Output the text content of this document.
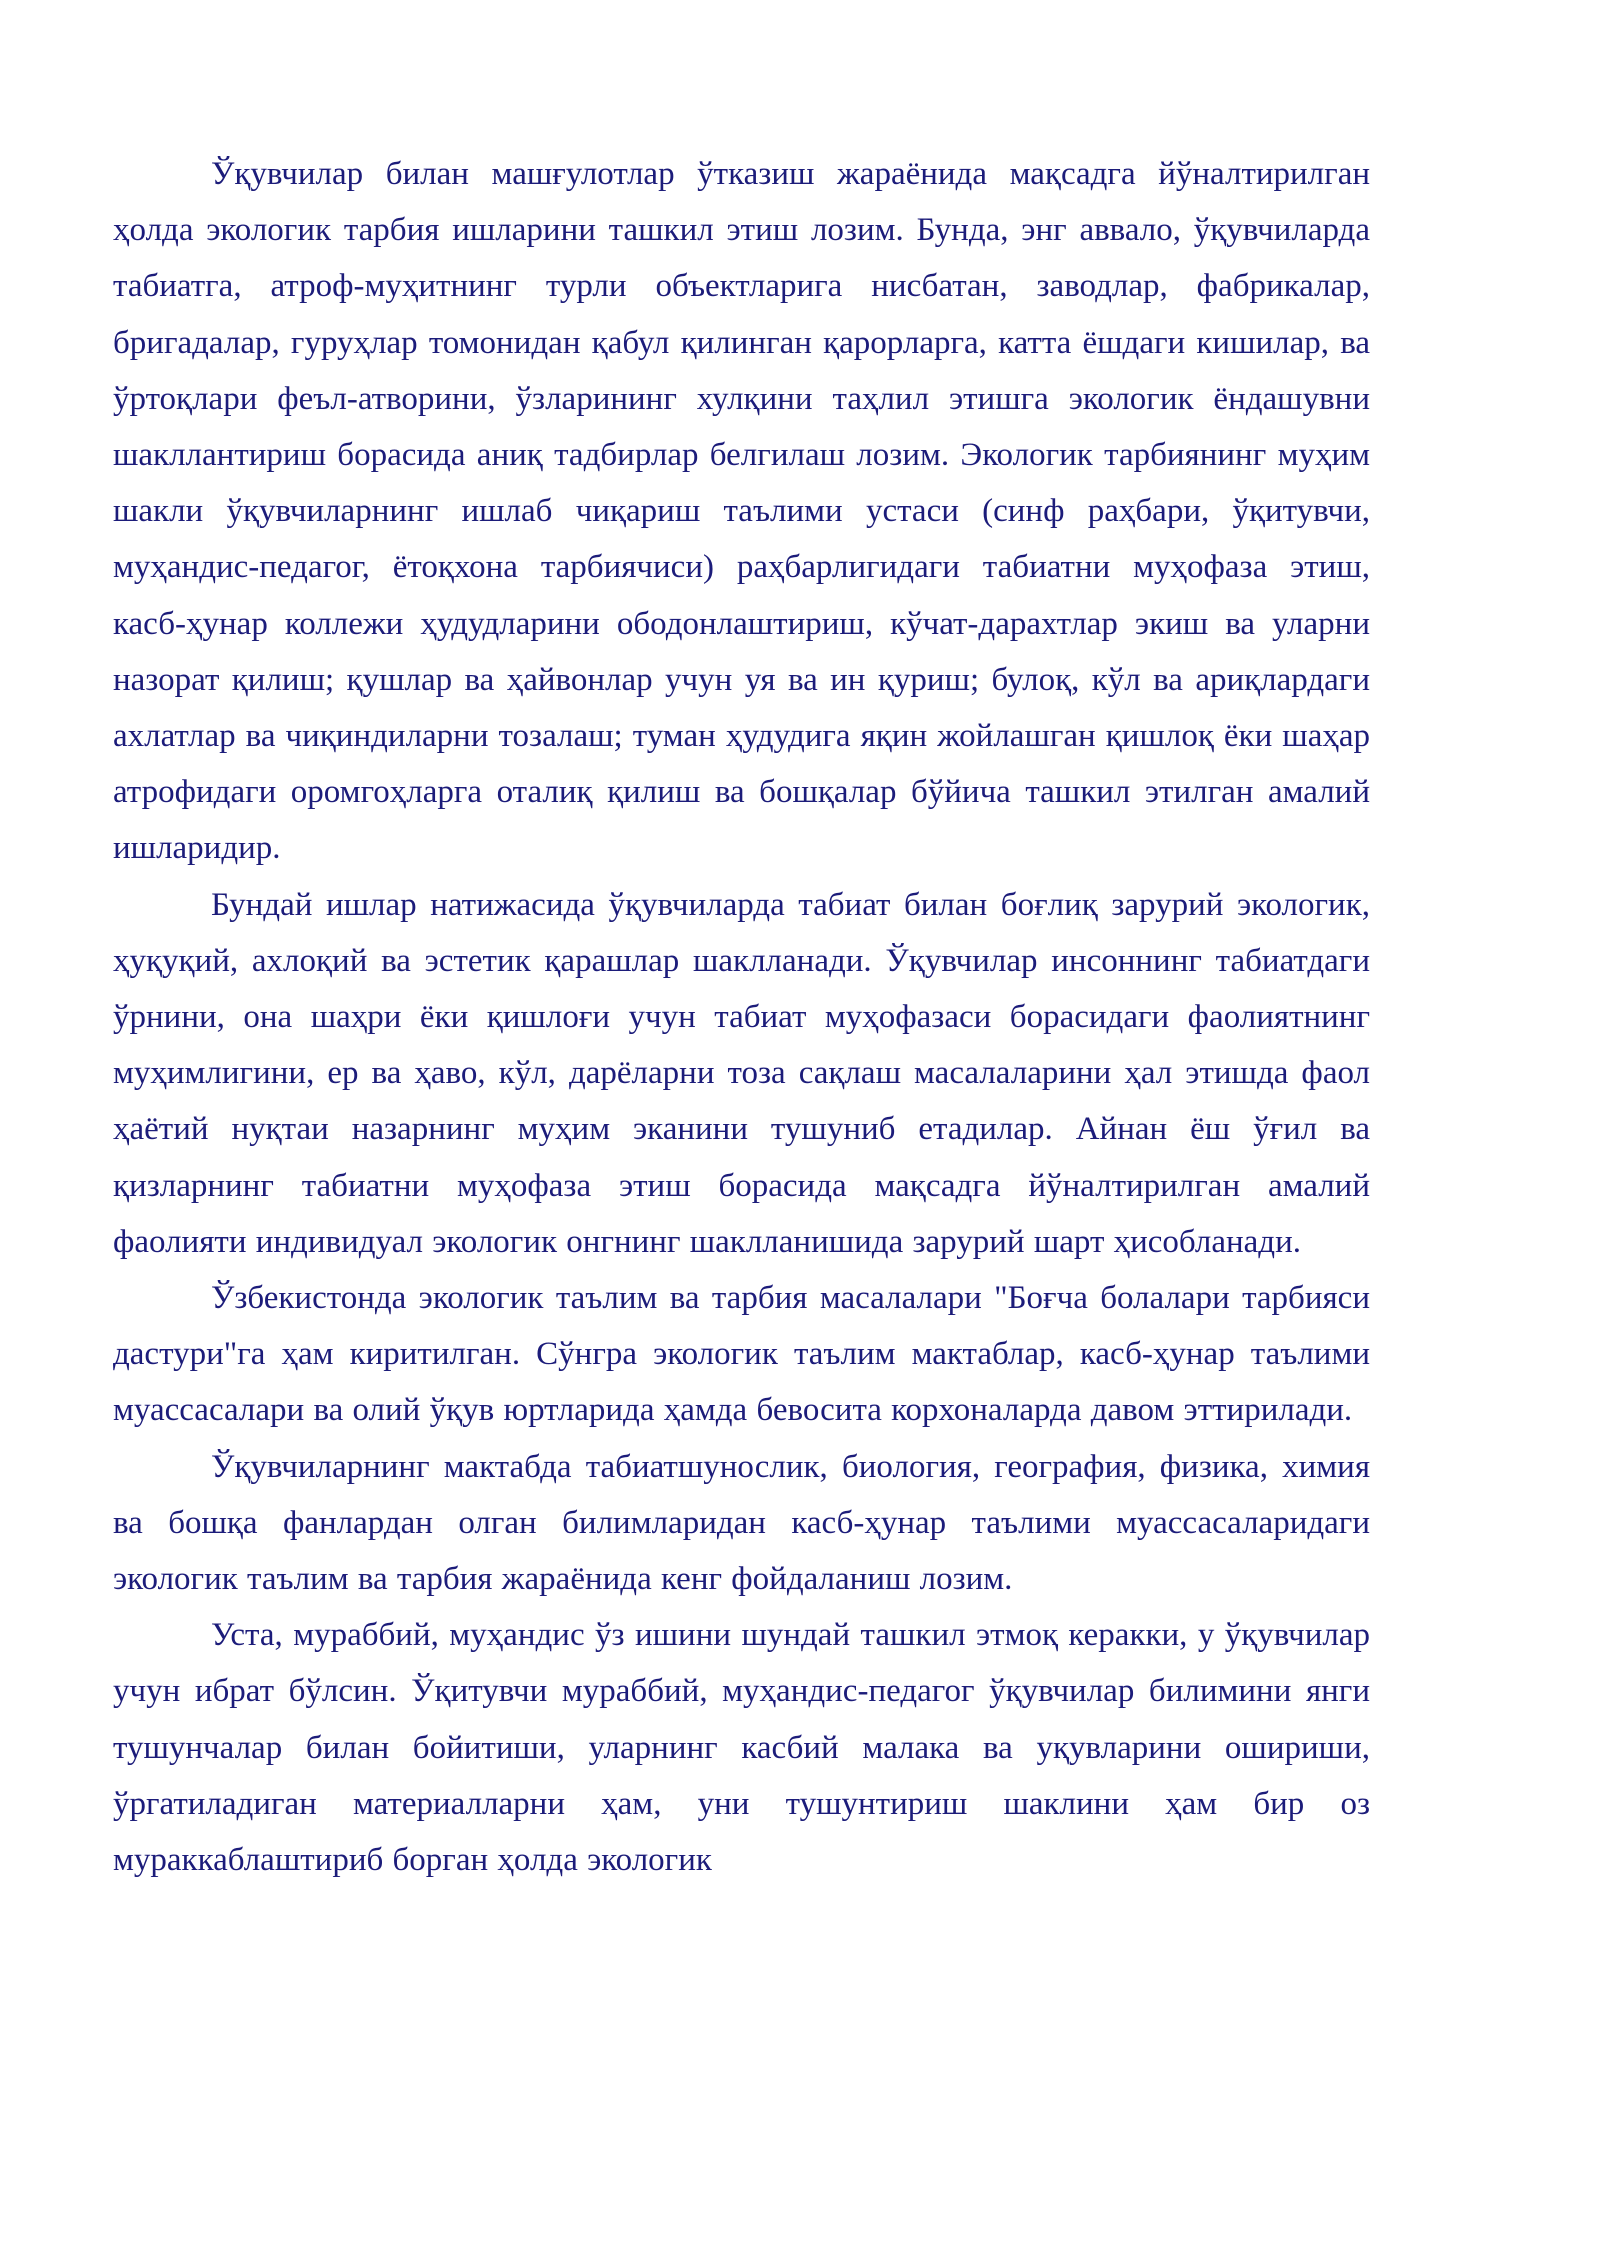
Ўқувчилар билан машғулотлар ўтказиш жараёнида мақсадга йўналтирилган ҳолда экологик тарбия ишларини ташкил этиш лозим. Бунда, энг аввало, ўқувчиларда табиатга, атроф-муҳитнинг турли объектларига нисбатан, заводлар, фабрикалар, бригадалар, гуруҳлар томонидан қабул қилинган қарорларга, катта ёшдаги кишилар, ва ўртоқлари феъл-атворини, ўзларининг хулқини таҳлил этишга экологик ёндашувни шакллантириш борасида аниқ тадбирлар белгилаш лозим. Экологик тарбиянинг муҳим шакли ўқувчиларнинг ишлаб чиқариш таълими устаси (синф раҳбари, ўқитувчи, муҳандис-педагог, ётоқхона тарбиячиси) раҳбарлигидаги табиатни муҳофаза этиш, касб-ҳунар коллежи ҳудудларини ободонлаштириш, кўчат-дарахтлар экиш ва уларни назорат қилиш; қушлар ва ҳайвонлар учун уя ва ин қуриш; булоқ, кўл ва ариқлардаги ахлатлар ва чиқиндиларни тозалаш; туман ҳудудига яқин жойлашган қишлоқ ёки шаҳар атрофидаги оромгоҳларга оталиқ қилиш ва бошқалар бўйича ташкил этилган амалий ишларидир.

Бундай ишлар натижасида ўқувчиларда табиат билан боғлиқ зарурий экологик, ҳуқуқий, ахлоқий ва эстетик қарашлар шаклланади. Ўқувчилар инсоннинг табиатдаги ўрнини, она шаҳри ёки қишлоғи учун табиат муҳофазаси борасидаги фаолиятнинг муҳимлигини, ер ва ҳаво, кўл, дарёларни тоза сақлаш масалаларини ҳал этишда фаол ҳаётий нуқтаи назарнинг муҳим эканини тушуниб етадилар. Айнан ёш ўғил ва қизларнинг табиатни муҳофаза этиш борасида мақсадга йўналтирилган амалий фаолияти индивидуал экологик онгнинг шаклланишида зарурий шарт ҳисобланади.

Ўзбекистонда экологик таълим ва тарбия масалалари "Боғча болалари тарбияси дастури"га ҳам киритилган. Сўнгра экологик таълим мактаблар, касб-ҳунар таълими муассасалари ва олий ўқув юртларида ҳамда бевосита корхоналарда давом эттирилади.

Ўқувчиларнинг мактабда табиатшунослик, биология, география, физика, химия ва бошқа фанлардан олган билимларидан касб-ҳунар таълими муассасаларидаги экологик таълим ва тарбия жараёнида кенг фойдаланиш лозим.

Уста, мураббий, муҳандис ўз ишини шундай ташкил этмоқ керакки, у ўқувчилар учун ибрат бўлсин. Ўқитувчи мураббий, муҳандис-педагог ўқувчилар билимини янги тушунчалар билан бойитиши, уларнинг касбий малака ва уқувларини ошириши, ўргатиладиган материалларни ҳам, уни тушунтириш шаклини ҳам бир оз мураккаблаштириб борган ҳолда экологик
